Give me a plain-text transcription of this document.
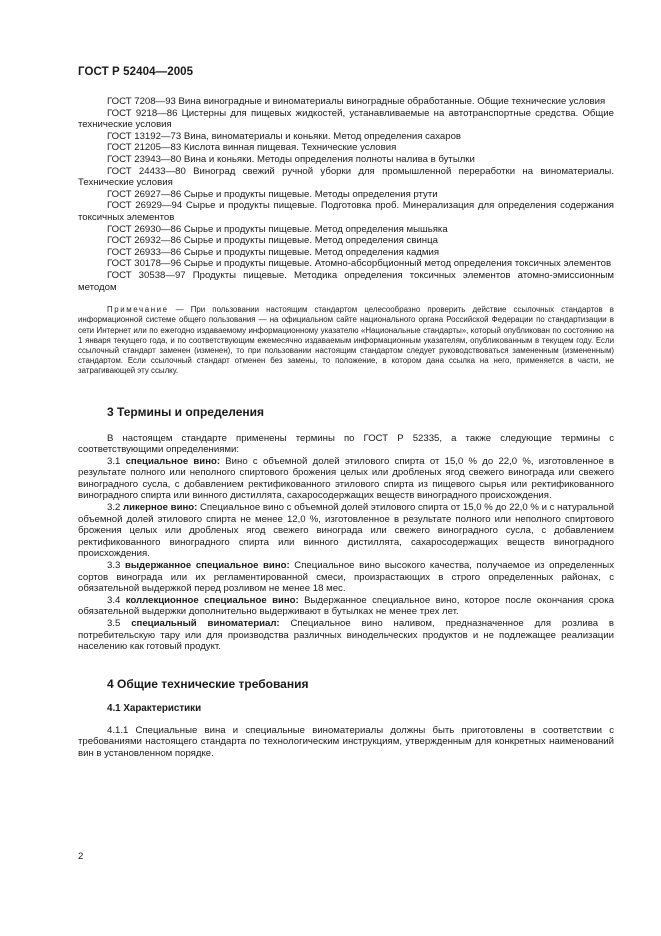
ГОСТ Р 52404—2005

ГОСТ 7208—93 Вина виноградные и виноматериалы виноградные обработанные. Общие технические условия

ГОСТ 9218—86 Цистерны для пищевых жидкостей, устанавливаемые на автотранспортные средства. Общие технические условия

ГОСТ 13192—73 Вина, виноматериалы и коньяки. Метод определения сахаров

ГОСТ 21205—83 Кислота винная пищевая. Технические условия

ГОСТ 23943—80 Вина и коньяки. Методы определения полноты налива в бутылки

ГОСТ 24433—80 Виноград свежий ручной уборки для промышленной переработки на виноматериалы. Технические условия

ГОСТ 26927—86 Сырье и продукты пищевые. Методы определения ртути

ГОСТ 26929—94 Сырье и продукты пищевые. Подготовка проб. Минерализация для определения содержания токсичных элементов

ГОСТ 26930—86 Сырье и продукты пищевые. Метод определения мышьяка

ГОСТ 26932—86 Сырье и продукты пищевые. Метод определения свинца

ГОСТ 26933—86 Сырье и продукты пищевые. Метод определения кадмия

ГОСТ 30178—96 Сырье и продукты пищевые. Атомно-абсорбционный метод определения токсичных элементов

ГОСТ 30538—97 Продукты пищевые. Методика определения токсичных элементов атомно-эмиссионным методом

Примечание — При пользовании настоящим стандартом целесообразно проверить действие ссылочных стандартов в информационной системе общего пользования — на официальном сайте национального органа Российской Федерации по стандартизации в сети Интернет или по ежегодно издаваемому информационному указателю «Национальные стандарты», который опубликован по состоянию на 1 января текущего года, и по соответствующим ежемесячно издаваемым информационным указателям, опубликованным в текущем году. Если ссылочный стандарт заменен (изменен), то при пользовании настоящим стандартом следует руководствоваться замененным (измененным) стандартом. Если ссылочный стандарт отменен без замены, то положение, в котором дана ссылка на него, применяется в части, не затрагивающей эту ссылку.

3 Термины и определения

В настоящем стандарте применены термины по ГОСТ Р 52335, а также следующие термины с соответствующими определениями:

3.1 специальное вино: Вино с объемной долей этилового спирта от 15,0 % до 22,0 %, изготовленное в результате полного или неполного спиртового брожения целых или дробленых ягод свежего винограда или свежего виноградного сусла, с добавлением ректификованного этилового спирта из пищевого сырья или ректификованного виноградного спирта или винного дистиллята, сахаросодержащих веществ виноградного происхождения.

3.2 ликерное вино: Специальное вино с объемной долей этилового спирта от 15,0 % до 22,0 % и с натуральной объемной долей этилового спирта не менее 12,0 %, изготовленное в результате полного или неполного спиртового брожения целых или дробленых ягод свежего винограда или свежего виноградного сусла, с добавлением ректификованного виноградного спирта или винного дистиллята, сахаросодержащих веществ виноградного происхождения.

3.3 выдержанное специальное вино: Специальное вино высокого качества, получаемое из определенных сортов винограда или их регламентированной смеси, произрастающих в строго определенных районах, с обязательной выдержкой перед розливом не менее 18 мес.

3.4 коллекционное специальное вино: Выдержанное специальное вино, которое после окончания срока обязательной выдержки дополнительно выдерживают в бутылках не менее трех лет.

3.5 специальный виноматериал: Специальное вино наливом, предназначенное для розлива в потребительскую тару или для производства различных винодельческих продуктов и не подлежащее реализации населению как готовый продукт.

4 Общие технические требования
4.1 Характеристики

4.1.1 Специальные вина и специальные виноматериалы должны быть приготовлены в соответствии с требованиями настоящего стандарта по технологическим инструкциям, утвержденным для конкретных наименований вин в установленном порядке.

2
